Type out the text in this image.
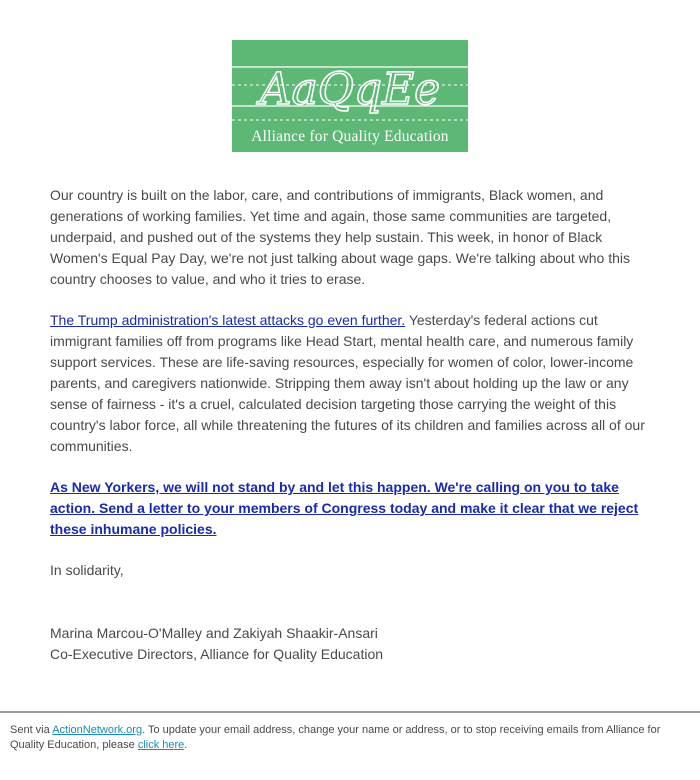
AaQqEe
Alliance for Quality Education

Our country is built on the labor, care, and contributions of immigrants, Black women, and generations of working families. Yet time and again, those same communities are targeted, underpaid, and pushed out of the systems they help sustain. This week, in honor of Black Women's Equal Pay Day, we're not just talking about wage gaps. We're talking about who this country chooses to value, and who it tries to erase.

The Trump administration's latest attacks go even further. Yesterday's federal actions cut immigrant families off from programs like Head Start, mental health care, and numerous family support services. These are life-saving resources, especially for women of color, lower-income parents, and caregivers nationwide. Stripping them away isn't about holding up the law or any sense of fairness - it's a cruel, calculated decision targeting those carrying the weight of this country's labor force, all while threatening the futures of its children and families across all of our communities.

As New Yorkers, we will not stand by and let this happen. We're calling on you to take action. Send a letter to your members of Congress today and make it clear that we reject these inhumane policies.

In solidarity,

Marina Marcou-O'Malley and Zakiyah Shaakir-Ansari
Co-Executive Directors, Alliance for Quality Education

Sent via ActionNetwork.org. To update your email address, change your name or address, or to stop receiving emails from Alliance for Quality Education, please click here.
